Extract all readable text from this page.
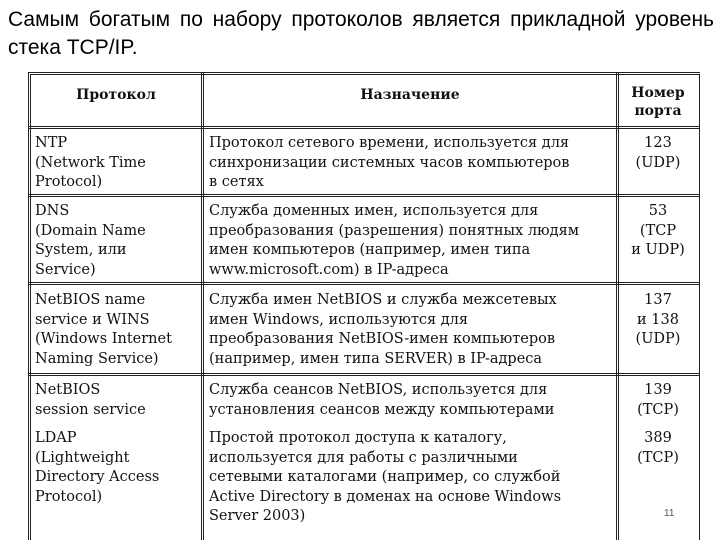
Самым богатым по набору протоколов является прикладной уровень стека TCP/IP.
Протокол	Назначение	Номер
порта
NTP
(Network Time
Protocol)
Протокол сетевого времени, используется для
синхронизации системных часов компьютеров
в сетях
123
(UDP)
DNS
(Domain Name
System, или
Service)
Служба доменных имен, используется для
преобразования (разрешения) понятных людям
имен компьютеров (например, имен типа
www.microsoft.com) в IP-адреса
53
(TCP
и UDP)
NetBIOS name
service и WINS
(Windows Internet
Naming Service)
Служба имен NetBIOS и служба межсетевых
имен Windows, используются для
преобразования NetBIOS-имен компьютеров
(например, имен типа SERVER) в IP-адреса
137
и 138
(UDP)
NetBIOS
session service
Служба сеансов NetBIOS, используется для
установления сеансов между компьютерами
139
(TCP)
LDAP
(Lightweight
Directory Access
Protocol)
Простой протокол доступа к каталогу,
используется для работы с различными
сетевыми каталогами (например, со службой
Active Directory в доменах на основе Windows
Server 2003)
389
(TCP)
11
